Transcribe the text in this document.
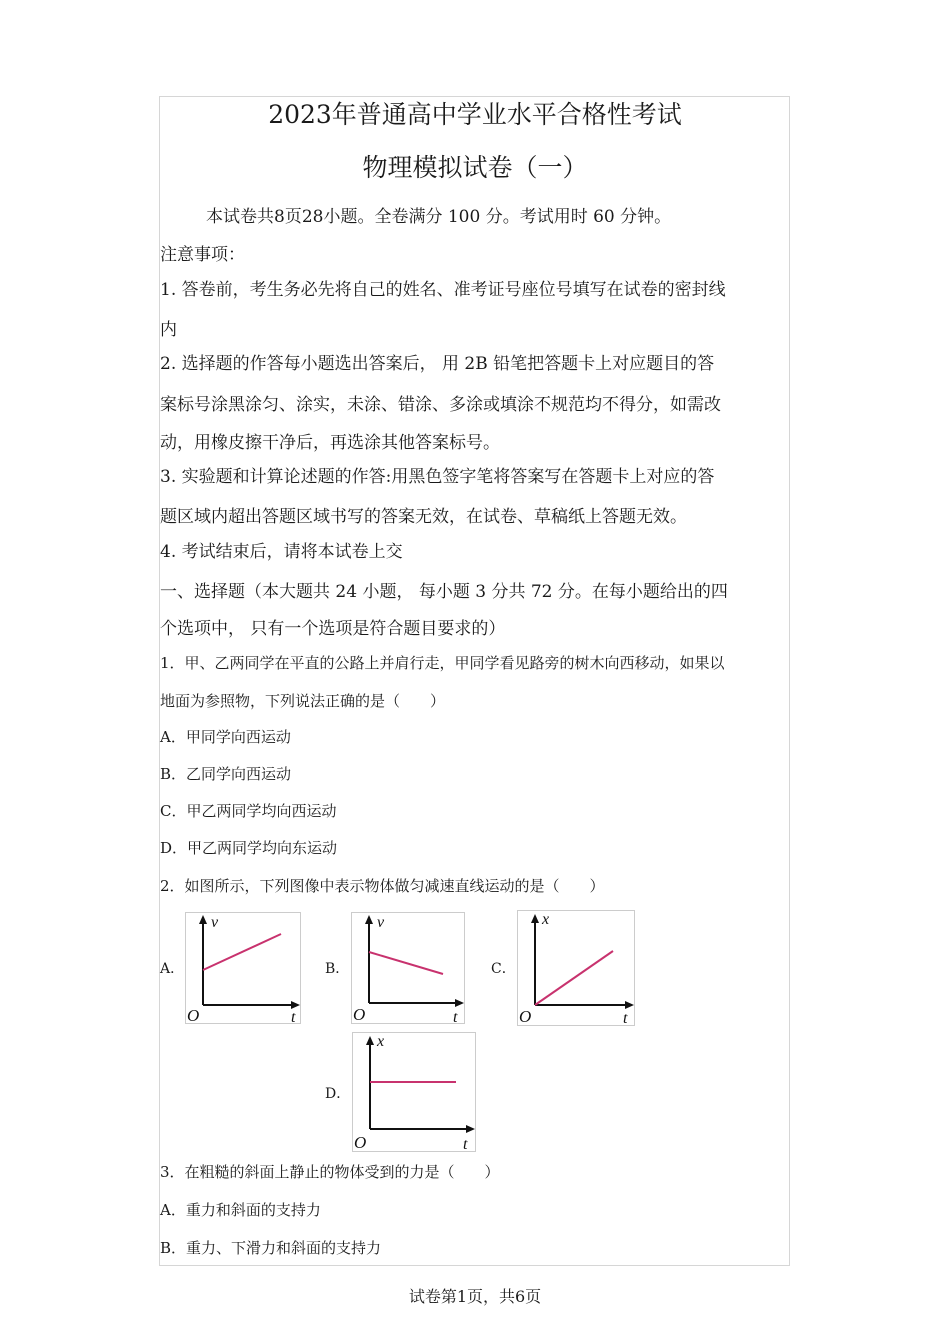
2023年普通高中学业水平合格性考试
物理模拟试卷（一）
本试卷共8页28小题。全卷满分 100 分。考试用时 60 分钟。
注意事项：
1. 答卷前，考生务必先将自己的姓名、准考证号座位号填写在试卷的密封线
内
2. 选择题的作答每小题选出答案后， 用 2B 铅笔把答题卡上对应题目的答
案标号涂黑涂匀、涂实，未涂、错涂、多涂或填涂不规范均不得分，如需改
动，用橡皮擦干净后，再选涂其他答案标号。
3. 实验题和计算论述题的作答:用黑色签字笔将答案写在答题卡上对应的答
题区域内超出答题区域书写的答案无效，在试卷、草稿纸上答题无效。
4. 考试结束后，请将本试卷上交
一、选择题（本大题共 24 小题， 每小题 3 分共 72 分。在每小题给出的四
个选项中， 只有一个选项是符合题目要求的）
1．甲、乙两同学在平直的公路上并肩行走，甲同学看见路旁的树木向西移动，如果以
地面为参照物，下列说法正确的是（　　）
A．甲同学向西运动
B．乙同学向西运动
C．甲乙两同学均向西运动
D．甲乙两同学均向东运动
2．如图所示，下列图像中表示物体做匀减速直线运动的是（　　）
A．
v
O	t
B．
v
O	t
C．
x
O	t
D．
x
O	t
3．在粗糙的斜面上静止的物体受到的力是（　　）
A．重力和斜面的支持力
B．重力、下滑力和斜面的支持力
试卷第1页，共6页
